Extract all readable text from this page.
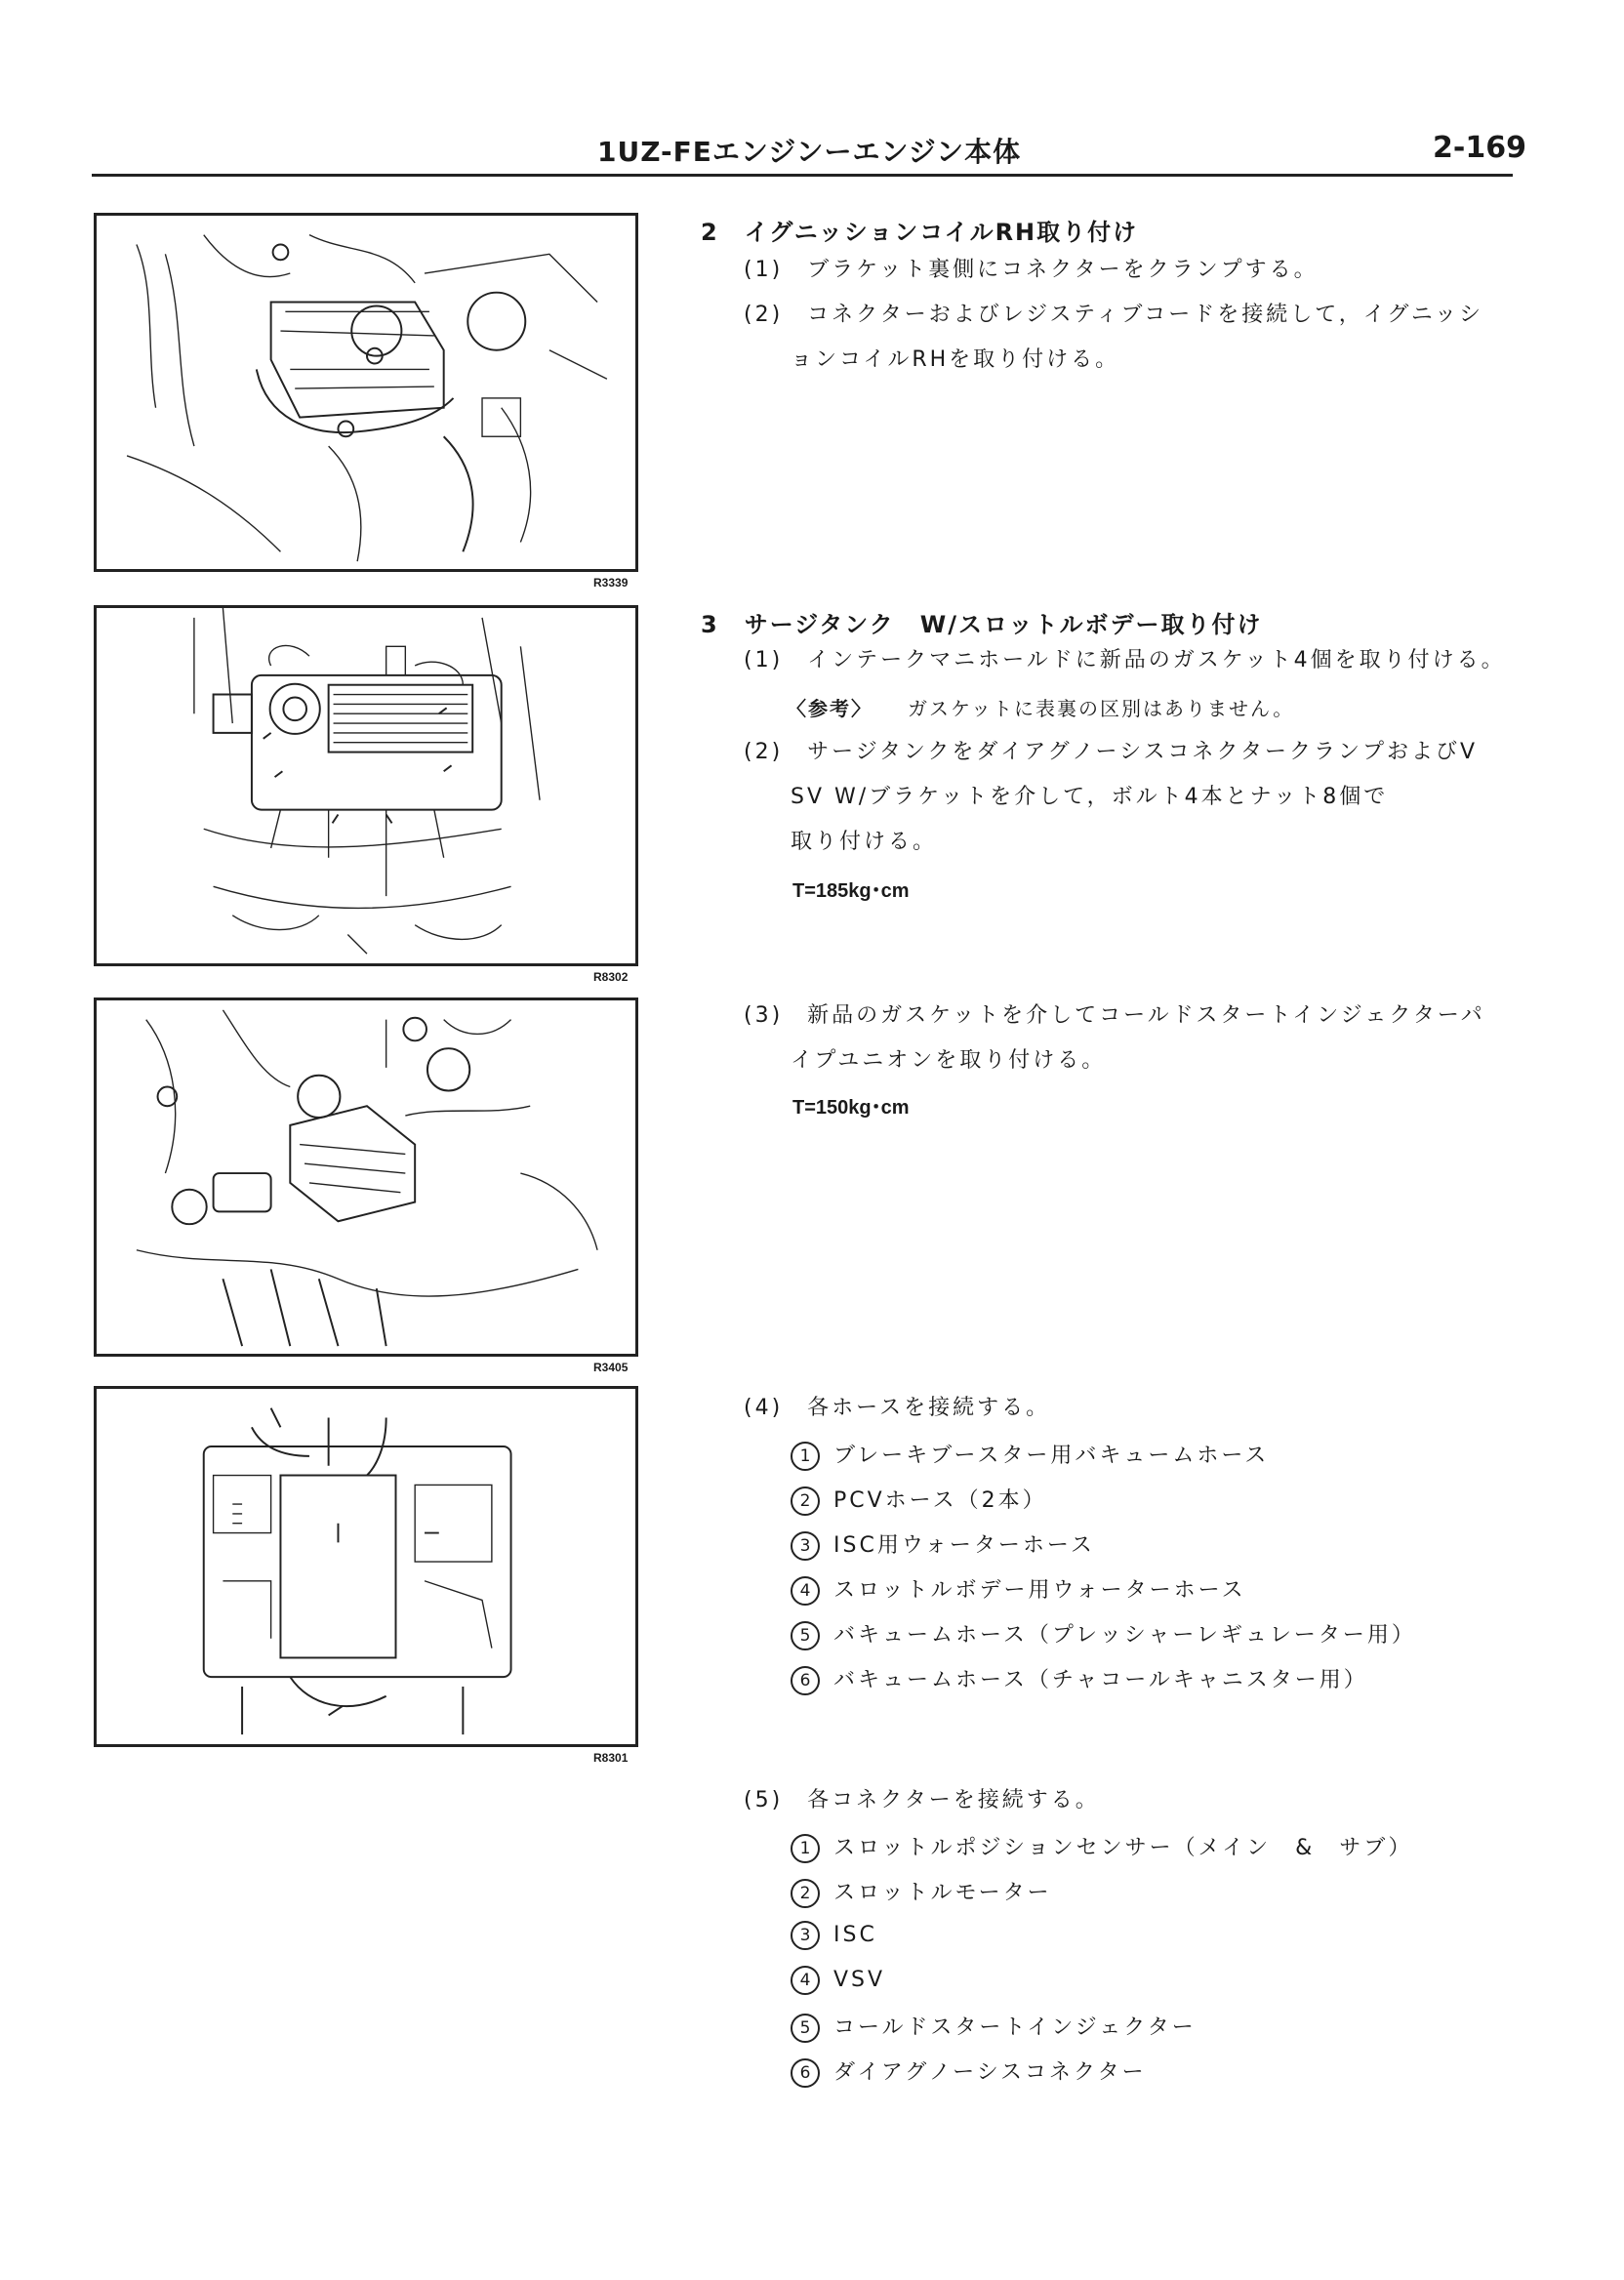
1UZ-FEエンジンーエンジン本体	2-169
R3339
R8302
R3405
R8301
2　イグニッションコイルRH取り付け
(1)　ブラケット裏側にコネクターをクランプする。
(2)　コネクターおよびレジスティブコードを接続して，イグニッシ
ョンコイルRHを取り付ける。
3　サージタンク　W/スロットルボデー取り付け
(1)　インテークマニホールドに新品のガスケット4個を取り付ける。
〈参考〉 ガスケットに表裏の区別はありません。
(2)　サージタンクをダイアグノーシスコネクタークランプおよびV
SV W/ブラケットを介して，ボルト4本とナット8個で
取り付ける。
T=185kg･cm
(3)　新品のガスケットを介してコールドスタートインジェクターパ
イプユニオンを取り付ける。
T=150kg･cm
(4)　各ホースを接続する。
1 ブレーキブースター用バキュームホース
2 PCVホース（2本）
3 ISC用ウォーターホース
4 スロットルボデー用ウォーターホース
5 バキュームホース（プレッシャーレギュレーター用）
6 バキュームホース（チャコールキャニスター用）
(5)　各コネクターを接続する。
1 スロットルポジションセンサー（メイン　&　サブ）
2 スロットルモーター
3 ISC
4 VSV
5 コールドスタートインジェクター
6 ダイアグノーシスコネクター
